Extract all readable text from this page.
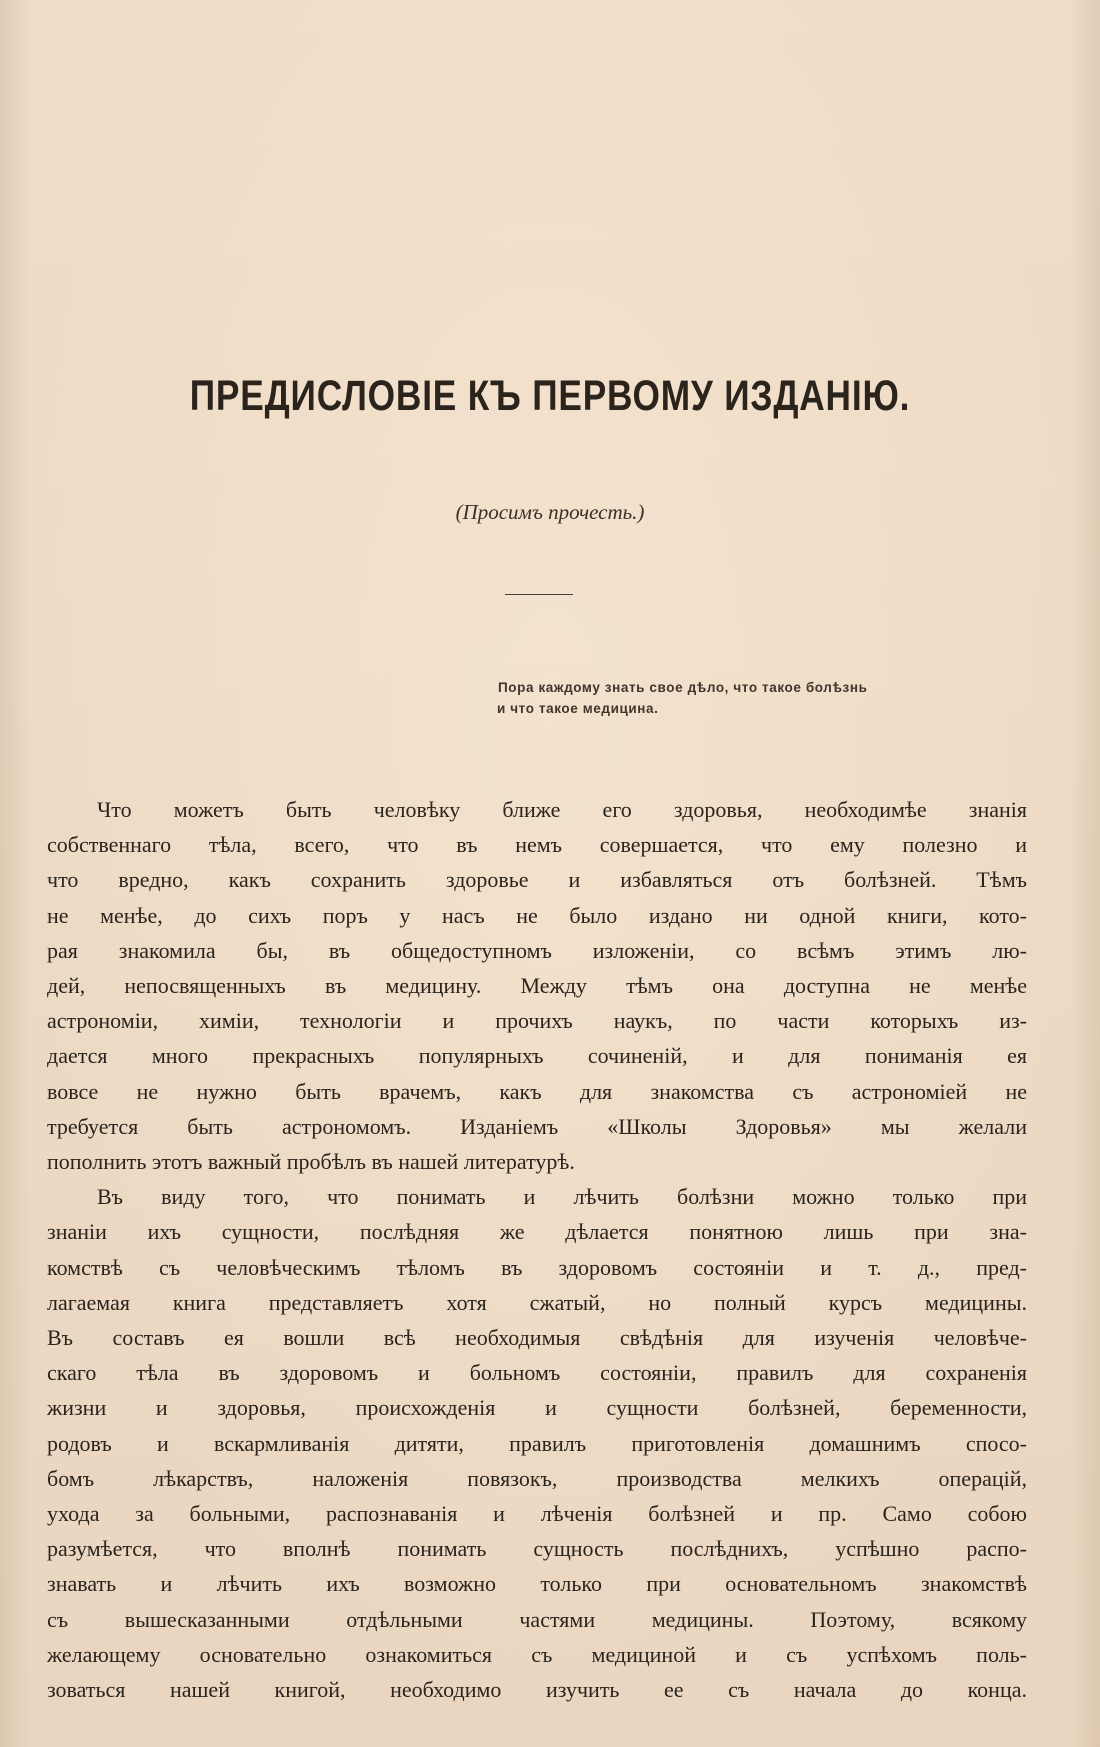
ПРЕДИСЛОВІЕ КЪ ПЕРВОМУ ИЗДАНІЮ.
(Просимъ прочесть.)
Пора каждому знать свое дѣло, что такое болѣзнь
и что такое медицина.
Что можетъ быть человѣку ближе его здоровья, необходимѣе знанія
собственнаго тѣла, всего, что въ немъ совершается, что ему полезно и
что вредно, какъ сохранить здоровье и избавляться отъ болѣзней. Тѣмъ
не менѣе, до сихъ поръ у насъ не было издано ни одной книги, кото-
рая знакомила бы, въ общедоступномъ изложеніи, со всѣмъ этимъ лю-
дей, непосвященныхъ въ медицину. Между тѣмъ она доступна не менѣе
астрономіи, химіи, технологіи и прочихъ наукъ, по части которыхъ из-
дается много прекрасныхъ популярныхъ сочиненій, и для пониманія ея
вовсе не нужно быть врачемъ, какъ для знакомства съ астрономіей не
требуется быть астрономомъ. Изданіемъ «Школы Здоровья» мы желали
пополнить этотъ важный пробѣлъ въ нашей литературѣ.
Въ виду того, что понимать и лѣчить болѣзни можно только при
знаніи ихъ сущности, послѣдняя же дѣлается понятною лишь при зна-
комствѣ съ человѣческимъ тѣломъ въ здоровомъ состояніи и т. д., пред-
лагаемая книга представляетъ хотя сжатый, но полный курсъ медицины.
Въ составъ ея вошли всѣ необходимыя свѣдѣнія для изученія человѣче-
скаго тѣла въ здоровомъ и больномъ состояніи, правилъ для сохраненія
жизни и здоровья, происхожденія и сущности болѣзней, беременности,
родовъ и вскармливанія дитяти, правилъ приготовленія домашнимъ спосо-
бомъ лѣкарствъ, наложенія повязокъ, производства мелкихъ операцій,
ухода за больными, распознаванія и лѣченія болѣзней и пр. Само собою
разумѣется, что вполнѣ понимать сущность послѣднихъ, успѣшно распо-
знавать и лѣчить ихъ возможно только при основательномъ знакомствѣ
съ вышесказанными отдѣльными частями медицины. Поэтому, всякому
желающему основательно ознакомиться съ медициной и съ успѣхомъ поль-
зоваться нашей книгой, необходимо изучить ее съ начала до конца.
